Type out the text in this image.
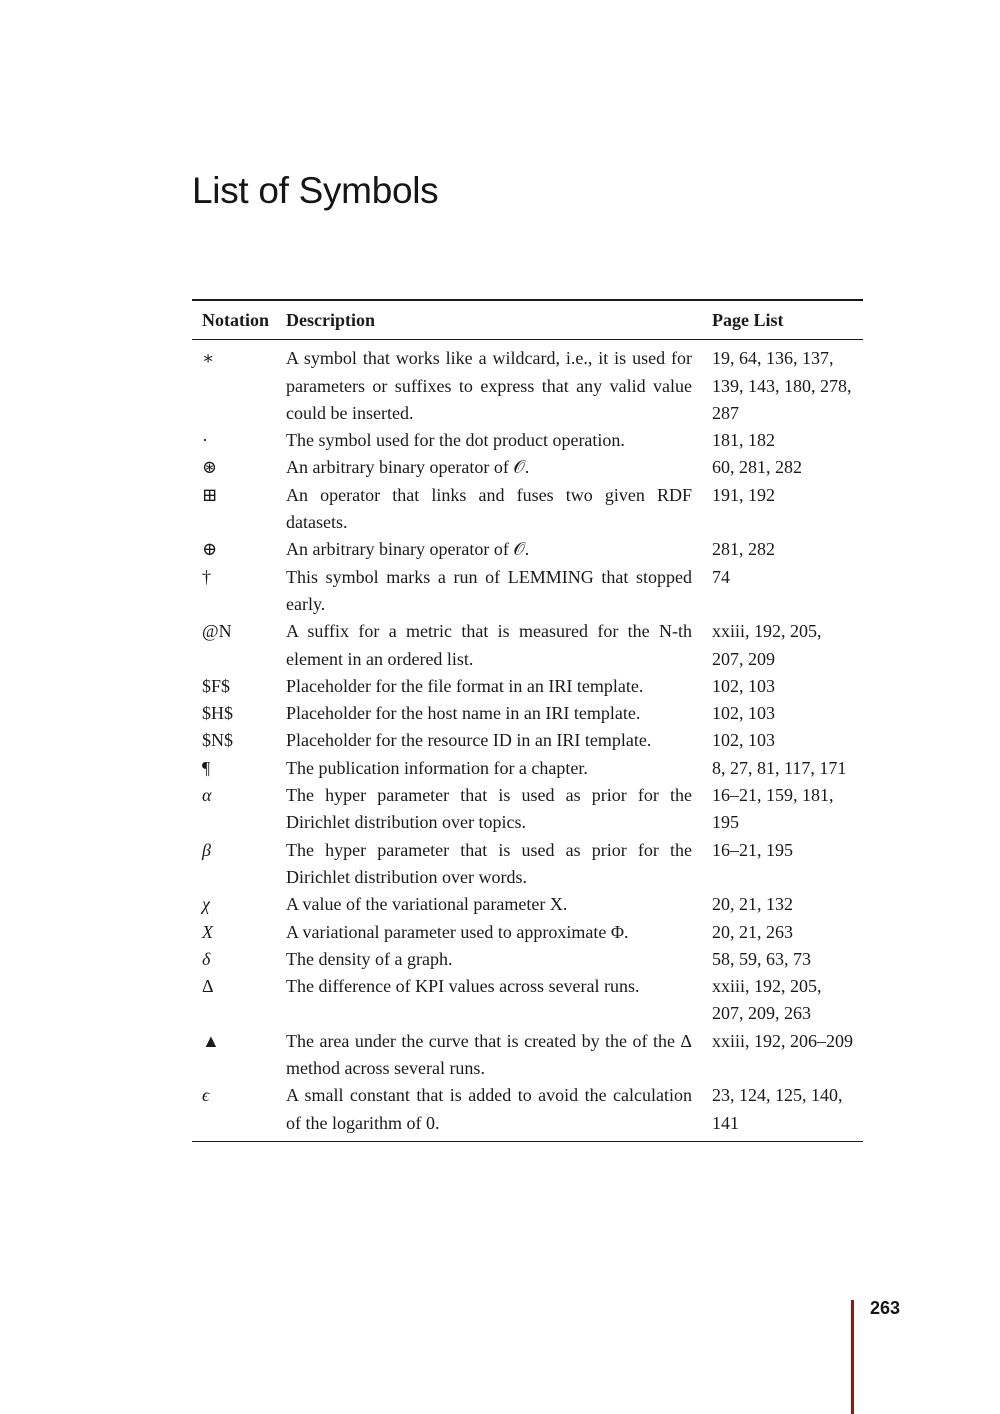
List of Symbols
Notation	Description	Page List
∗	A symbol that works like a wildcard, i.e., it is used for parameters or suffixes to express that any valid value could be inserted.	19, 64, 136, 137, 139, 143, 180, 278, 287
·	The symbol used for the dot product operation.	181, 182
⊛	An arbitrary binary operator of 𝒪.	60, 281, 282
⊞	An operator that links and fuses two given RDF datasets.	191, 192
⊕	An arbitrary binary operator of 𝒪.	281, 282
†	This symbol marks a run of LEMMING that stopped early.	74
@N	A suffix for a metric that is measured for the N-th element in an ordered list.	xxiii, 192, 205, 207, 209
$F$	Placeholder for the file format in an IRI template.	102, 103
$H$	Placeholder for the host name in an IRI template.	102, 103
$N$	Placeholder for the resource ID in an IRI template.	102, 103
¶	The publication information for a chapter.	8, 27, 81, 117, 171
α	The hyper parameter that is used as prior for the Dirichlet distribution over topics.	16–21, 159, 181, 195
β	The hyper parameter that is used as prior for the Dirichlet distribution over words.	16–21, 195
χ	A value of the variational parameter X.	20, 21, 132
X	A variational parameter used to approximate Φ.	20, 21, 263
δ	The density of a graph.	58, 59, 63, 73
Δ	The difference of KPI values across several runs.	xxiii, 192, 205, 207, 209, 263
▲	The area under the curve that is created by the of the Δ method across several runs.	xxiii, 192, 206–209
ϵ	A small constant that is added to avoid the calculation of the logarithm of 0.	23, 124, 125, 140, 141
263
